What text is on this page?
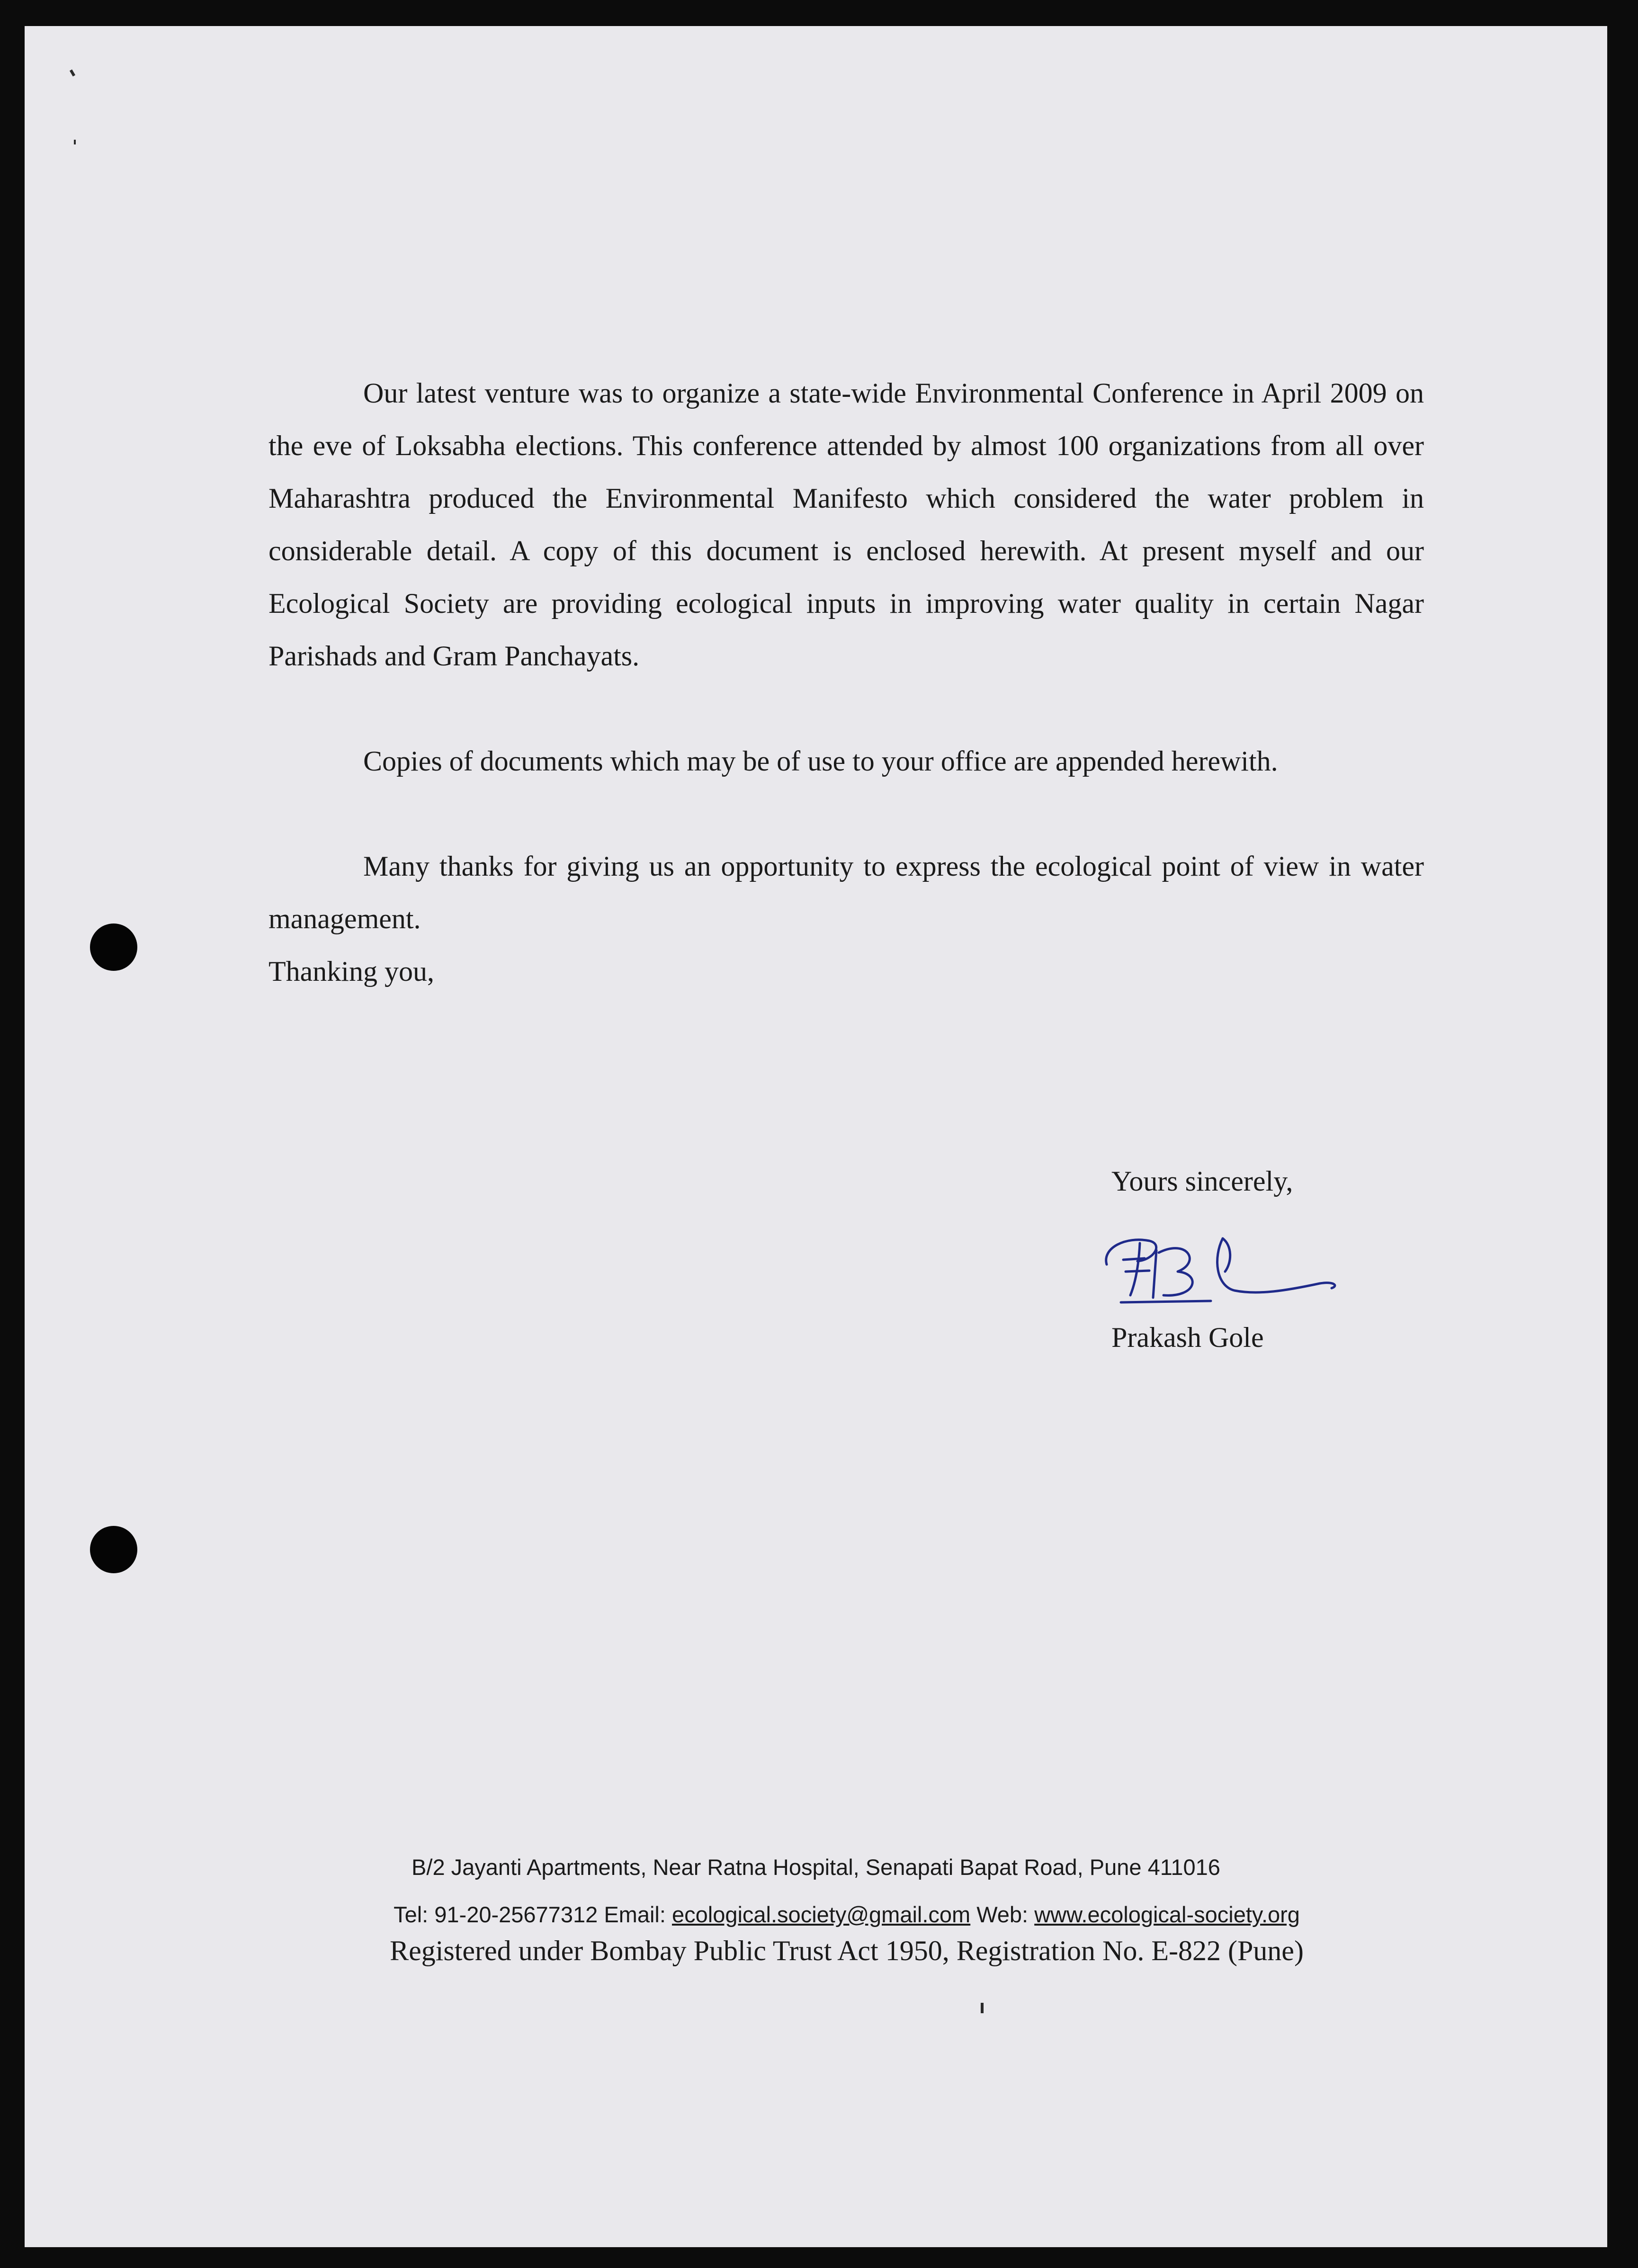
Our latest venture was to organize a state-wide Environmental Conference in April 2009 on the eve of Loksabha elections. This conference attended by almost 100 organizations from all over Maharashtra produced the Environmental Manifesto which considered the water problem in considerable detail. A copy of this document is enclosed herewith. At present myself and our Ecological Society are providing ecological inputs in improving water quality in certain Nagar Parishads and Gram Panchayats.

Copies of documents which may be of use to your office are appended herewith.

Many thanks for giving us an opportunity to express the ecological point of view in water management.

Thanking you,

Yours sincerely,
Prakash Gole
B/2 Jayanti Apartments, Near Ratna Hospital, Senapati Bapat Road, Pune 411016
Tel: 91-20-25677312 Email: ecological.society@gmail.com Web: www.ecological-society.org
Registered under Bombay Public Trust Act 1950, Registration No. E-822 (Pune)
